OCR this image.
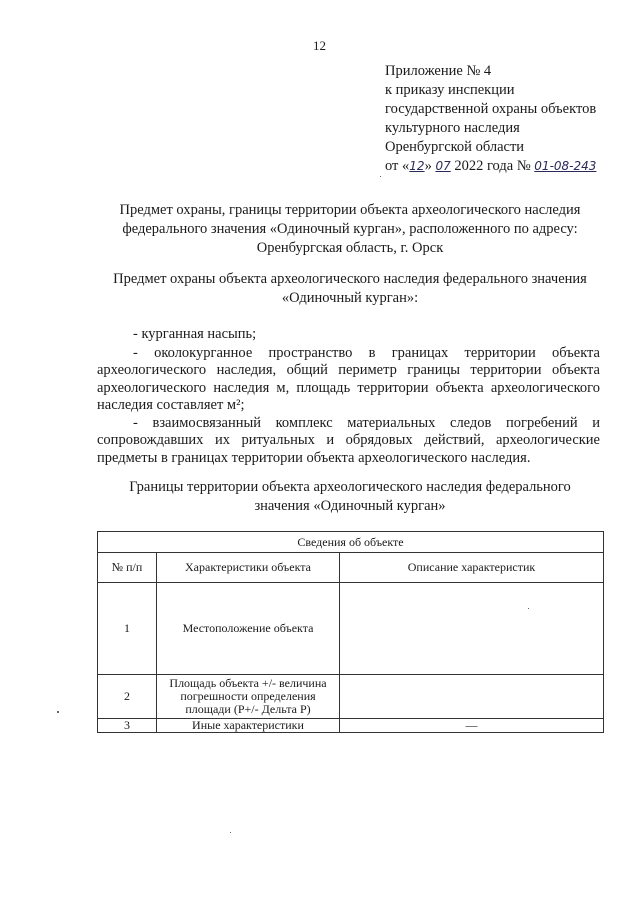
12
Приложение № 4
к приказу инспекции
государственной охраны объектов
культурного наследия
Оренбургской области
от «12» 07 2022 года № 01-08-243
Предмет охраны, границы территории объекта археологического наследия
федерального значения «Одиночный курган», расположенного по адресу:
Оренбургская область, г. Орск
Предмет охраны объекта археологического наследия федерального значения
«Одиночный курган»:

- курганная насыпь;

- околокурганное пространство в границах территории объекта археологического наследия, общий периметр границы территории объекта археологического наследия м, площадь территории объекта археологического наследия составляет м²;

- взаимосвязанный комплекс материальных следов погребений и сопровождавших их ритуальных и обрядовых действий, археологические предметы в границах территории объекта археологического наследия.

Границы территории объекта археологического наследия федерального
значения «Одиночный курган»
Сведения об объекте		
№ п/п	Характеристики объекта	Описание характеристик
1	Местоположение объекта	
2	Площадь объекта +/- величина погрешности определения площади (P+/- Дельта P)	
3	Иные характеристики	—
